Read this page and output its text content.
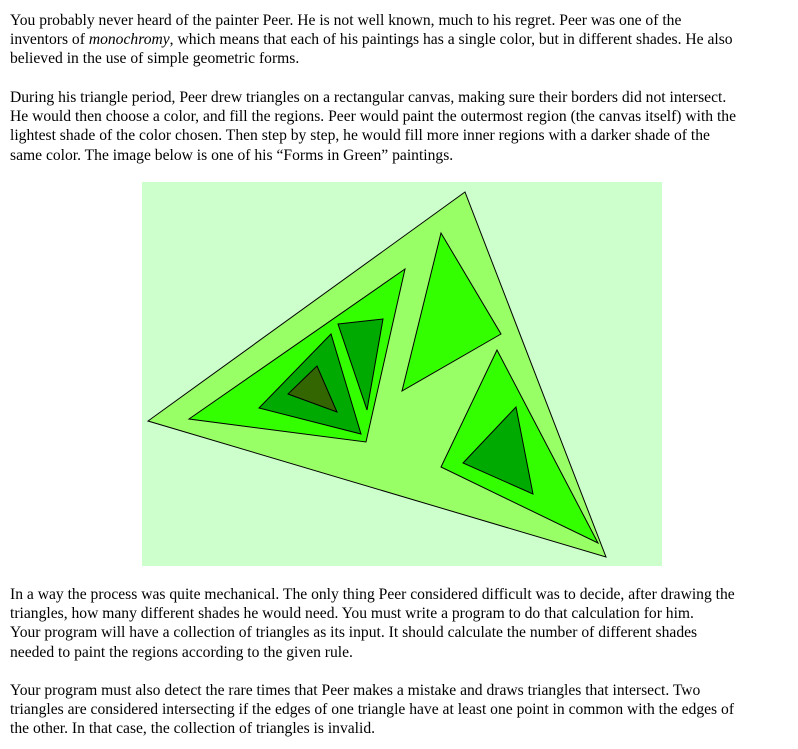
You probably never heard of the painter Peer. He is not well known, much to his regret. Peer was one of the
inventors of monochromy, which means that each of his paintings has a single color, but in different shades. He also
believed in the use of simple geometric forms.

During his triangle period, Peer drew triangles on a rectangular canvas, making sure their borders did not intersect.
He would then choose a color, and fill the regions. Peer would paint the outermost region (the canvas itself) with the
lightest shade of the color chosen. Then step by step, he would fill more inner regions with a darker shade of the
same color. The image below is one of his “Forms in Green” paintings.

In a way the process was quite mechanical. The only thing Peer considered difficult was to decide, after drawing the
triangles, how many different shades he would need. You must write a program to do that calculation for him.
Your program will have a collection of triangles as its input. It should calculate the number of different shades
needed to paint the regions according to the given rule.

Your program must also detect the rare times that Peer makes a mistake and draws triangles that intersect. Two
triangles are considered intersecting if the edges of one triangle have at least one point in common with the edges of
the other. In that case, the collection of triangles is invalid.
